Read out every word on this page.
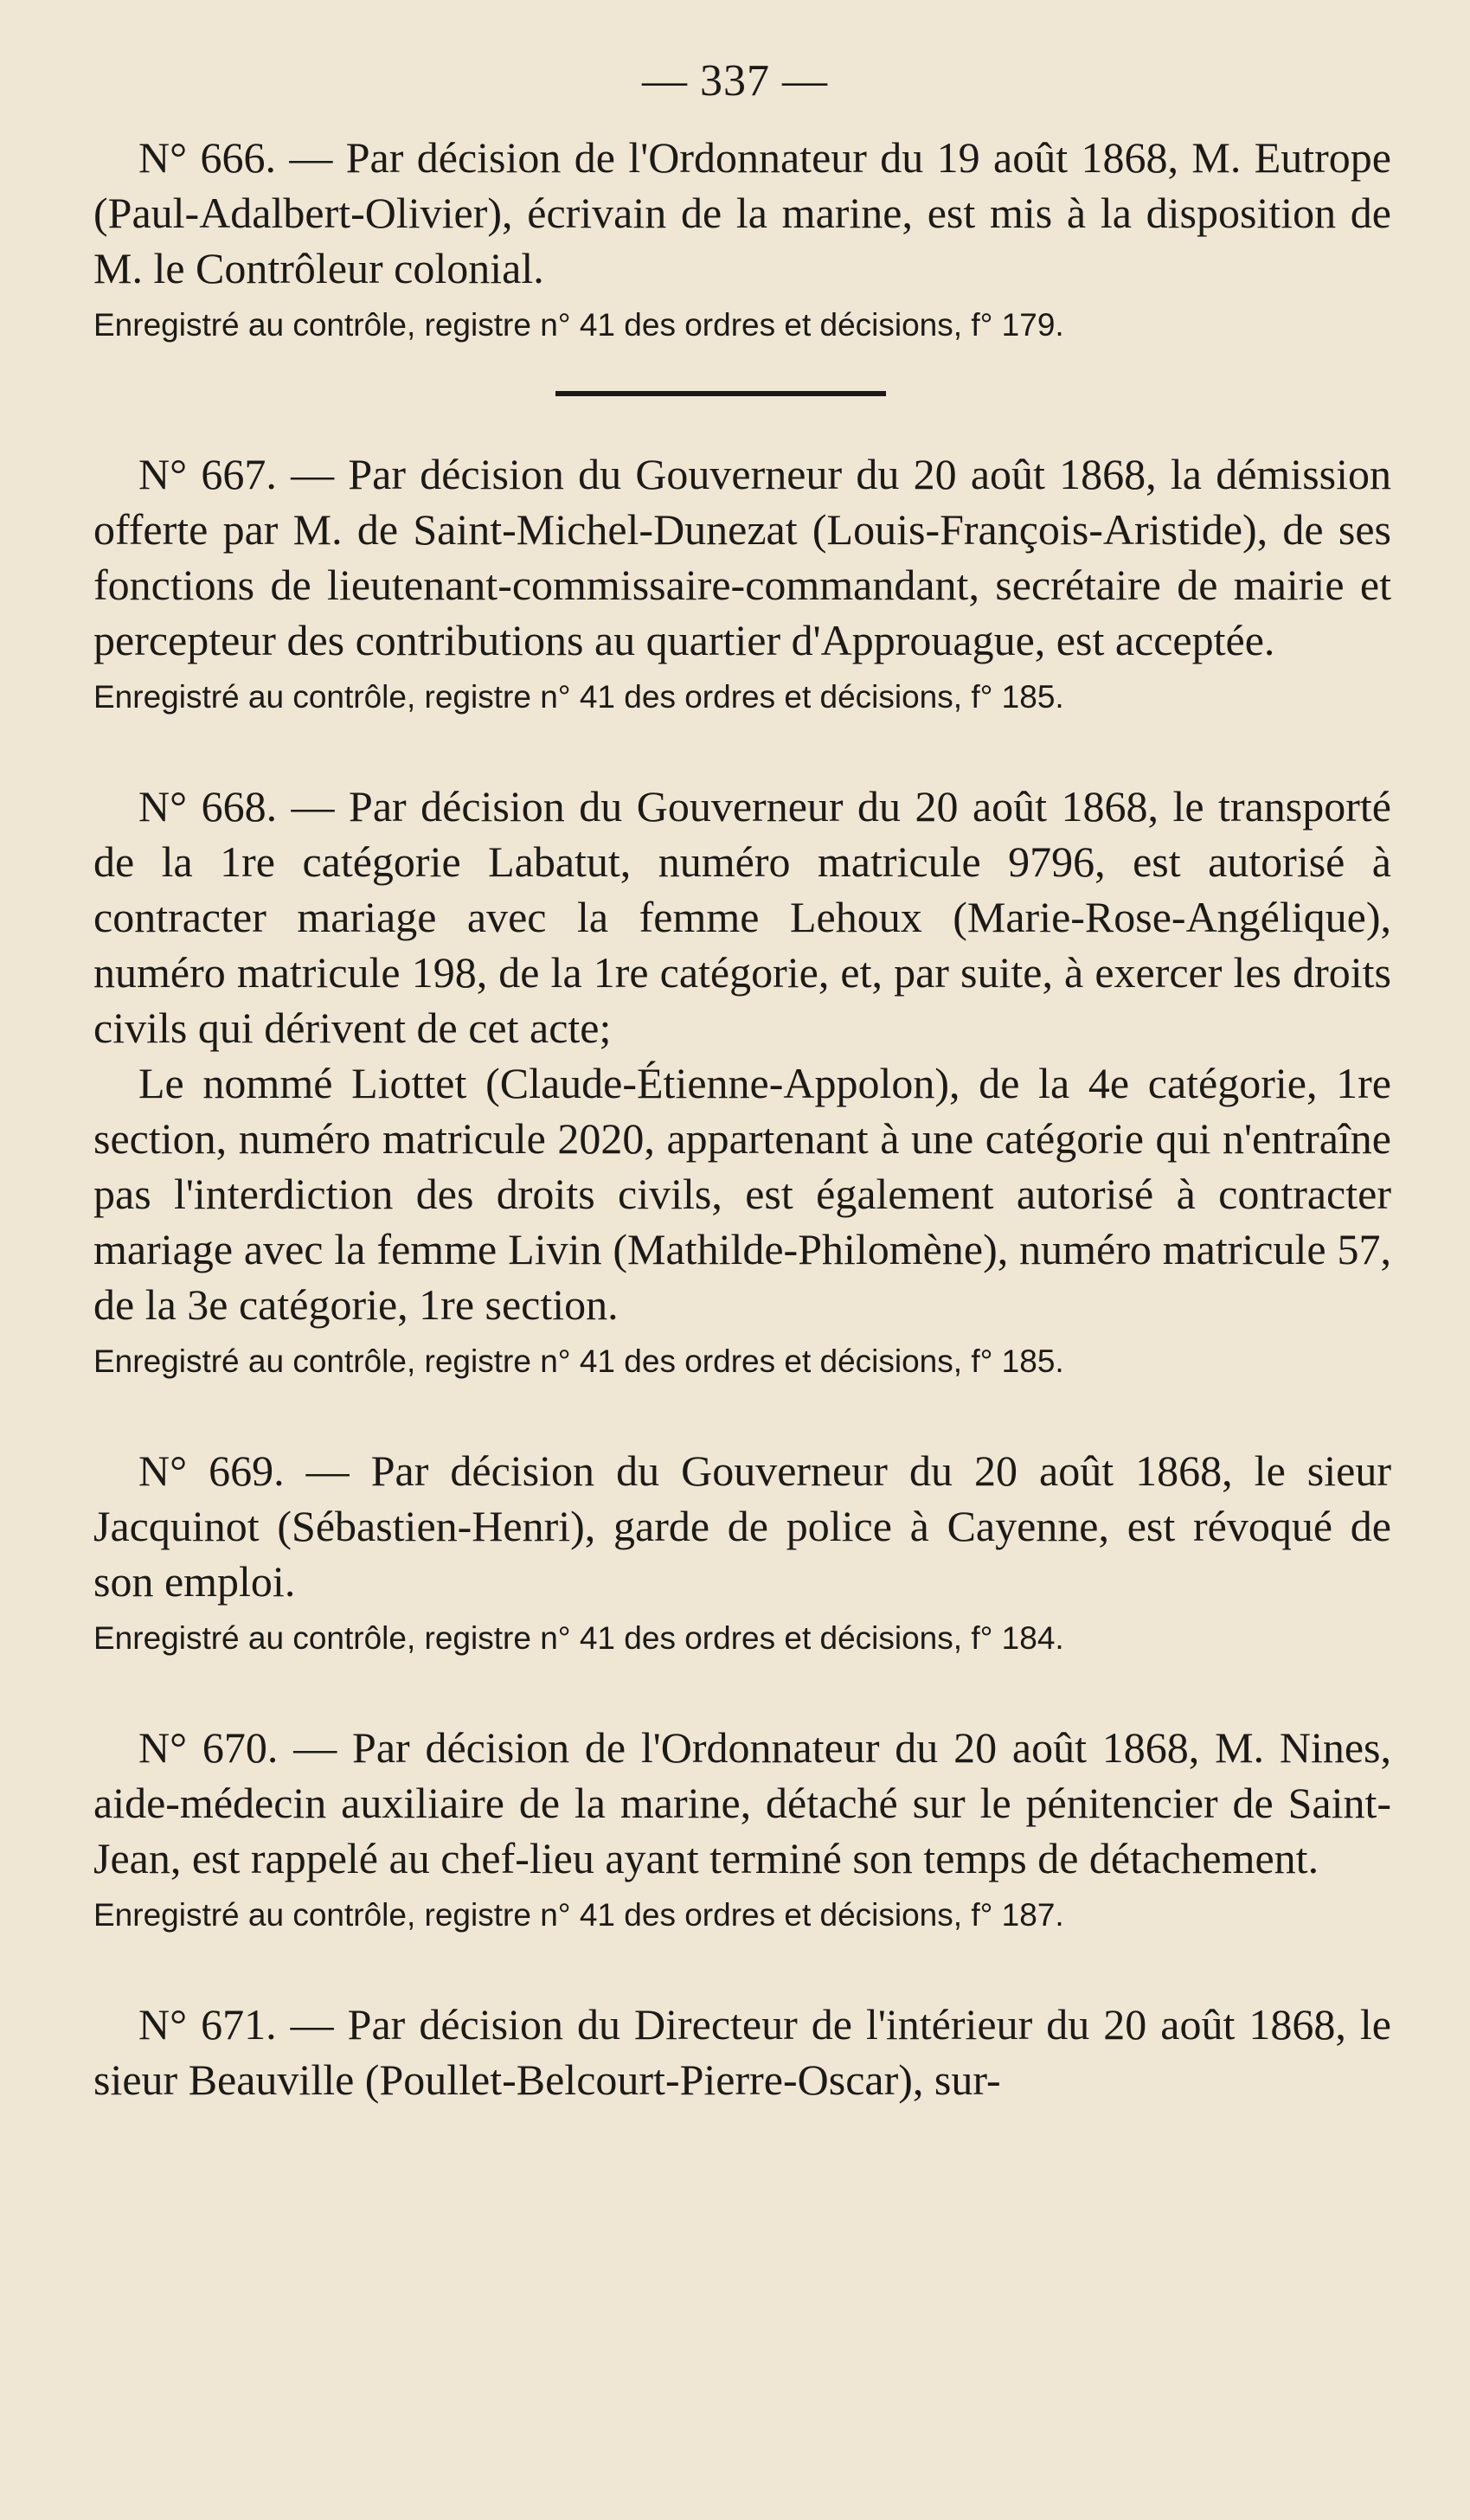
— 337 —

N° 666. — Par décision de l'Ordonnateur du 19 août 1868, M. Eutrope (Paul-Adalbert-Olivier), écrivain de la marine, est mis à la disposition de M. le Contrôleur colonial.

Enregistré au contrôle, registre n° 41 des ordres et décisions, f° 179.

N° 667. — Par décision du Gouverneur du 20 août 1868, la démission offerte par M. de Saint-Michel-Dunezat (Louis-François-Aristide), de ses fonctions de lieutenant-commissaire-commandant, secrétaire de mairie et percepteur des contributions au quartier d'Approuague, est acceptée.

Enregistré au contrôle, registre n° 41 des ordres et décisions, f° 185.

N° 668. — Par décision du Gouverneur du 20 août 1868, le transporté de la 1re catégorie Labatut, numéro matricule 9796, est autorisé à contracter mariage avec la femme Lehoux (Marie-Rose-Angélique), numéro matricule 198, de la 1re catégorie, et, par suite, à exercer les droits civils qui dérivent de cet acte;

Le nommé Liottet (Claude-Étienne-Appolon), de la 4e catégorie, 1re section, numéro matricule 2020, appartenant à une catégorie qui n'entraîne pas l'interdiction des droits civils, est également autorisé à contracter mariage avec la femme Livin (Mathilde-Philomène), numéro matricule 57, de la 3e catégorie, 1re section.

Enregistré au contrôle, registre n° 41 des ordres et décisions, f° 185.

N° 669. — Par décision du Gouverneur du 20 août 1868, le sieur Jacquinot (Sébastien-Henri), garde de police à Cayenne, est révoqué de son emploi.

Enregistré au contrôle, registre n° 41 des ordres et décisions, f° 184.

N° 670. — Par décision de l'Ordonnateur du 20 août 1868, M. Nines, aide-médecin auxiliaire de la marine, détaché sur le pénitencier de Saint-Jean, est rappelé au chef-lieu ayant terminé son temps de détachement.

Enregistré au contrôle, registre n° 41 des ordres et décisions, f° 187.

N° 671. — Par décision du Directeur de l'intérieur du 20 août 1868, le sieur Beauville (Poullet-Belcourt-Pierre-Oscar), sur-
